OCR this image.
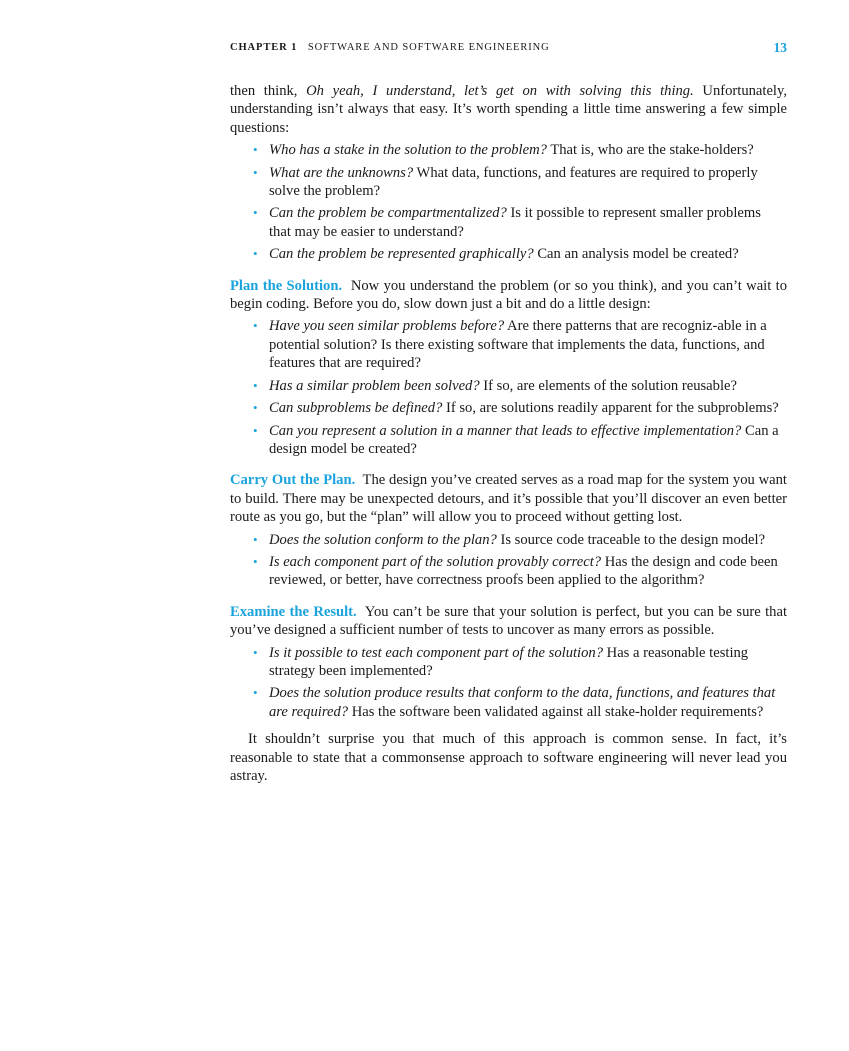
CHAPTER 1 SOFTWARE AND SOFTWARE ENGINEERING	13

then think, Oh yeah, I understand, let’s get on with solving this thing. Unfortunately, understanding isn’t always that easy. It’s worth spending a little time answering a few simple questions:

• Who has a stake in the solution to the problem? That is, who are the stake-holders?
• What are the unknowns? What data, functions, and features are required to properly solve the problem?
• Can the problem be compartmentalized? Is it possible to represent smaller problems that may be easier to understand?
• Can the problem be represented graphically? Can an analysis model be created?

Plan the Solution.  Now you understand the problem (or so you think), and you can’t wait to begin coding. Before you do, slow down just a bit and do a little design:

• Have you seen similar problems before? Are there patterns that are recogniz-able in a potential solution? Is there existing software that implements the data, functions, and features that are required?
• Has a similar problem been solved? If so, are elements of the solution reusable?
• Can subproblems be defined? If so, are solutions readily apparent for the subproblems?
• Can you represent a solution in a manner that leads to effective implementation? Can a design model be created?

Carry Out the Plan.  The design you’ve created serves as a road map for the system you want to build. There may be unexpected detours, and it’s possible that you’ll discover an even better route as you go, but the “plan” will allow you to proceed without getting lost.

• Does the solution conform to the plan? Is source code traceable to the design model?
• Is each component part of the solution provably correct? Has the design and code been reviewed, or better, have correctness proofs been applied to the algorithm?

Examine the Result.  You can’t be sure that your solution is perfect, but you can be sure that you’ve designed a sufficient number of tests to uncover as many errors as possible.

• Is it possible to test each component part of the solution? Has a reasonable testing strategy been implemented?
• Does the solution produce results that conform to the data, functions, and features that are required? Has the software been validated against all stake-holder requirements?

It shouldn’t surprise you that much of this approach is common sense. In fact, it’s reasonable to state that a commonsense approach to software engineering will never lead you astray.
